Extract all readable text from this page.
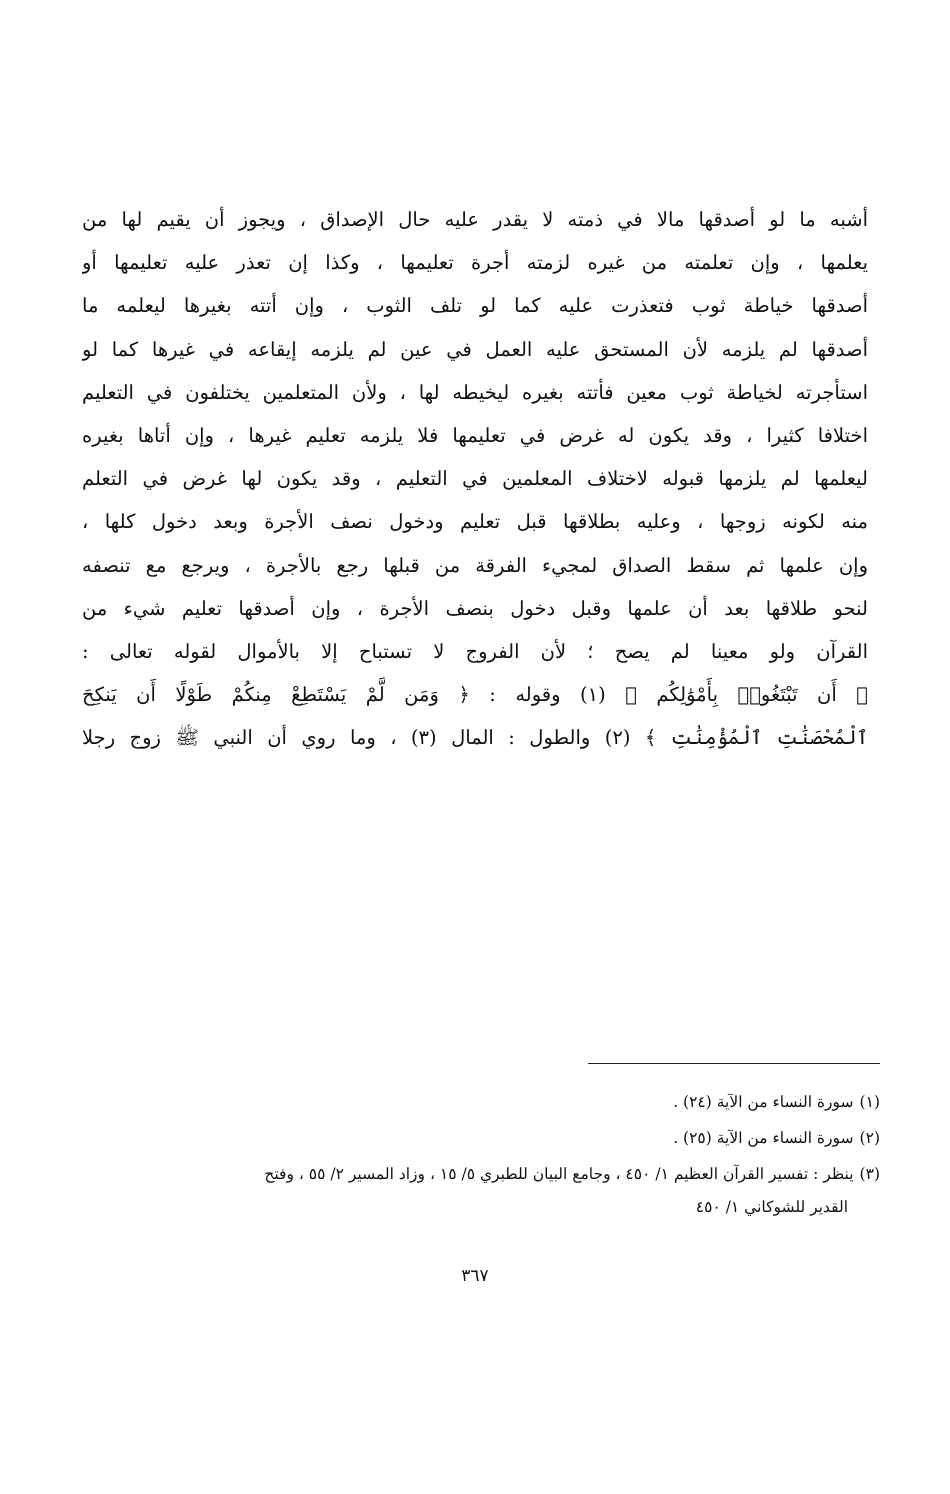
أشبه ما لو أصدقها مالا في ذمته لا يقدر عليه حال الإصداق ، ويجوز أن يقيم لها من
يعلمها ، وإن تعلمته من غيره لزمته أجرة تعليمها ، وكذا إن تعذر عليه تعليمها أو
أصدقها خياطة ثوب فتعذرت عليه كما لو تلف الثوب ، وإن أتته بغيرها ليعلمه ما
أصدقها لم يلزمه لأن المستحق عليه العمل في عين لم يلزمه إيقاعه في غيرها كما لو
استأجرته لخياطة ثوب معين فأتته بغيره ليخيطه لها ، ولأن المتعلمين يختلفون في التعليم
اختلافا كثيرا ، وقد يكون له غرض في تعليمها فلا يلزمه تعليم غيرها ، وإن أتاها بغيره
ليعلمها لم يلزمها قبوله لاختلاف المعلمين في التعليم ، وقد يكون لها غرض في التعلم
منه لكونه زوجها ، وعليه بطلاقها قبل تعليم ودخول نصف الأجرة وبعد دخول كلها ،
وإن علمها ثم سقط الصداق لمجيء الفرقة من قبلها رجع بالأجرة ، ويرجع مع تنصفه
لنحو طلاقها بعد أن علمها وقبل دخول بنصف الأجرة ، وإن أصدقها تعليم شيء من
القرآن ولو معينا لم يصح ؛ لأن الفروج لا تستباح إلا بالأموال لقوله تعالى :
﴿ أَن تَبْتَغُوا۟ بِأَمْوَٰلِكُم ﴾ (١) وقوله : ﴿ وَمَن لَّمْ يَسْتَطِعْ مِنكُمْ طَوْلًا أَن يَنكِحَ
ٱلْمُحْصَنَٰتِ ٱلْمُؤْمِنَٰتِ ﴾ (٢) والطول : المال (٣) ، وما روي أن النبي ﷺ زوج رجلا

(١)سورة النساء من الآية (٢٤) .

(٢)سورة النساء من الآية (٢٥) .

(٣)ينظر : تفسير القرآن العظيم ١/ ٤٥٠ ، وجامع البيان للطبري ٥/ ١٥ ، وزاد المسير ٢/ ٥٥ ، وفتح

القدير للشوكاني ١/ ٤٥٠

٣٦٧
